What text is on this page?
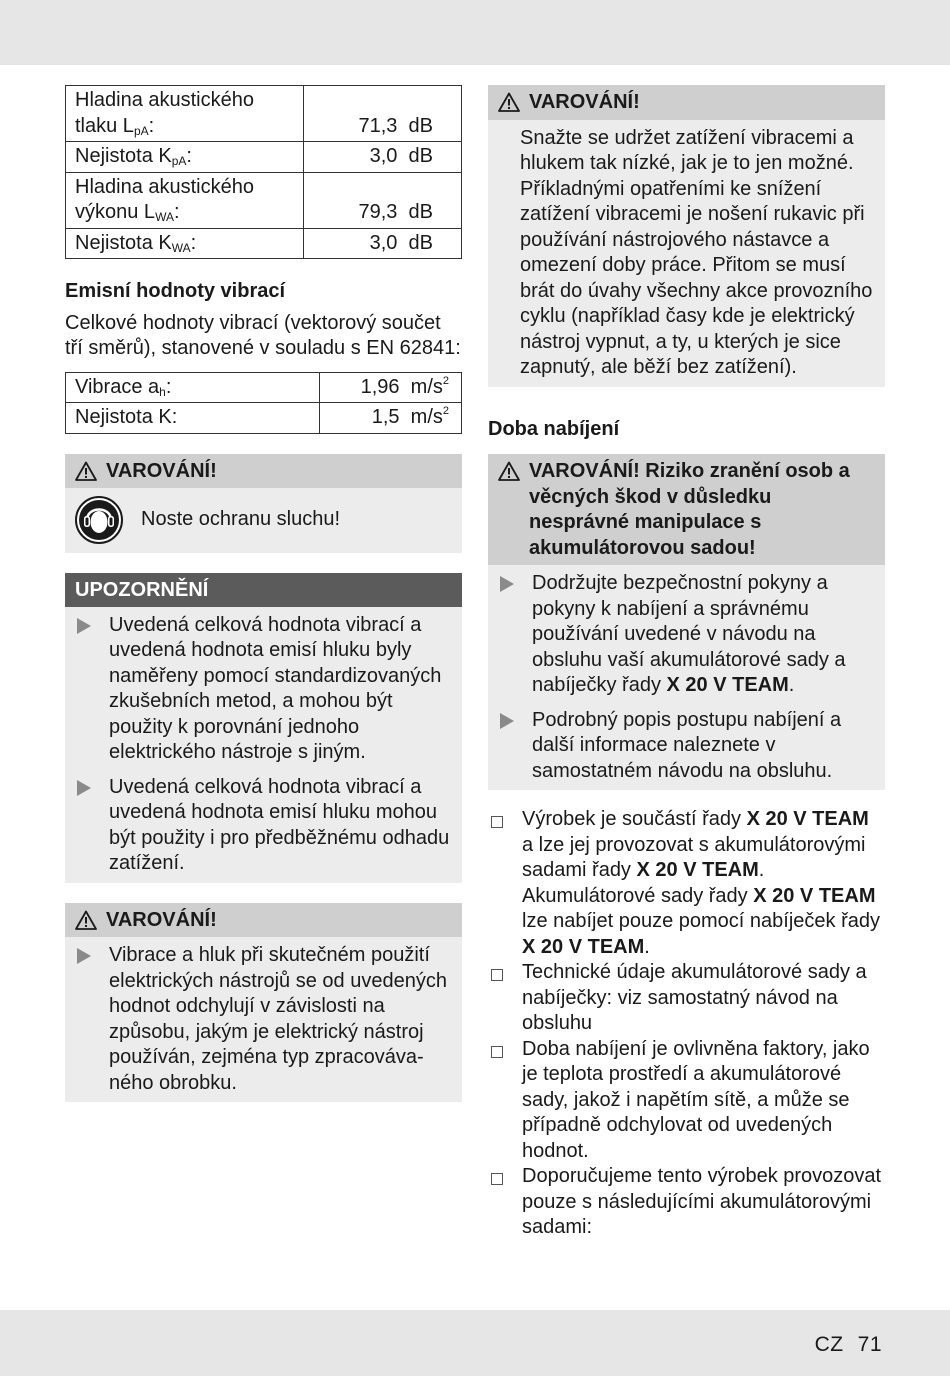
Hladina akustického tlaku $L_{pA}$:	71,3 dB
Nejistota $K_{pA}$:	3,0 dB
Hladina akustického výkonu $L_{WA}$:	79,3 dB
Nejistota $K_{WA}$:	3,0 dB
Emisní hodnoty vibrací
Celkové hodnoty vibrací (vektorový součet tří směrů), stanovené v souladu s EN 62841:
Vibrace $a_h$:	1,96 $m/s^2$
Nejistota K:	1,5 $m/s^2$
VAROVÁNÍ!
Noste ochranu sluchu!
UPOZORNĚNÍ
Uvedená celková hodnota vibrací a uvedená hodnota emisí hluku byly naměřeny pomocí standardizovaných zkušebních metod, a mohou být použity k porovnání jednoho elektrického nástroje s jiným.
Uvedená celková hodnota vibrací a uvedená hodnota emisí hluku mohou být použity i pro předběžnému odhadu zatížení.
VAROVÁNÍ!
Vibrace a hluk při skutečném použití elektrických nástrojů se od uvedených hodnot odchylují v závislosti na způsobu, jakým je elektrický nástroj používán, zejména typ zpracovávaného obrobku.
VAROVÁNÍ!
Snažte se udržet zatížení vibracemi a hlukem tak nízké, jak je to jen možné. Příkladnými opatřeními ke snížení zatížení vibracemi je nošení rukavic při používání nástrojového nástavce a omezení doby práce. Přitom se musí brát do úvahy všechny akce provozního cyklu (například časy kde je elektrický nástroj vypnut, a ty, u kterých je sice zapnutý, ale běží bez zatížení).
Doba nabíjení
VAROVÁNÍ! Riziko zranění osob a věcných škod v důsledku nesprávné manipulace s akumulátorovou sadou!
Dodržujte bezpečnostní pokyny a pokyny k nabíjení a správnému používání uvedené v návodu na obsluhu vaší akumulátorové sady a nabíječky řady X 20 V TEAM.
Podrobný popis postupu nabíjení a další informace naleznete v samostatném návodu na obsluhu.
Výrobek je součástí řady X 20 V TEAM a lze jej provozovat s akumulátorovými sadami řady X 20 V TEAM. Akumulátorové sady řady X 20 V TEAM lze nabíjet pouze pomocí nabíječek řady X 20 V TEAM.
Technické údaje akumulátorové sady a nabíječky: viz samostatný návod na obsluhu
Doba nabíjení je ovlivněna faktory, jako je teplota prostředí a akumulátorové sady, jakož i napětím sítě, a může se případně odchylovat od uvedených hodnot.
Doporučujeme tento výrobek provozovat pouze s následujícími akumulátorovými sadami:
CZ 71
